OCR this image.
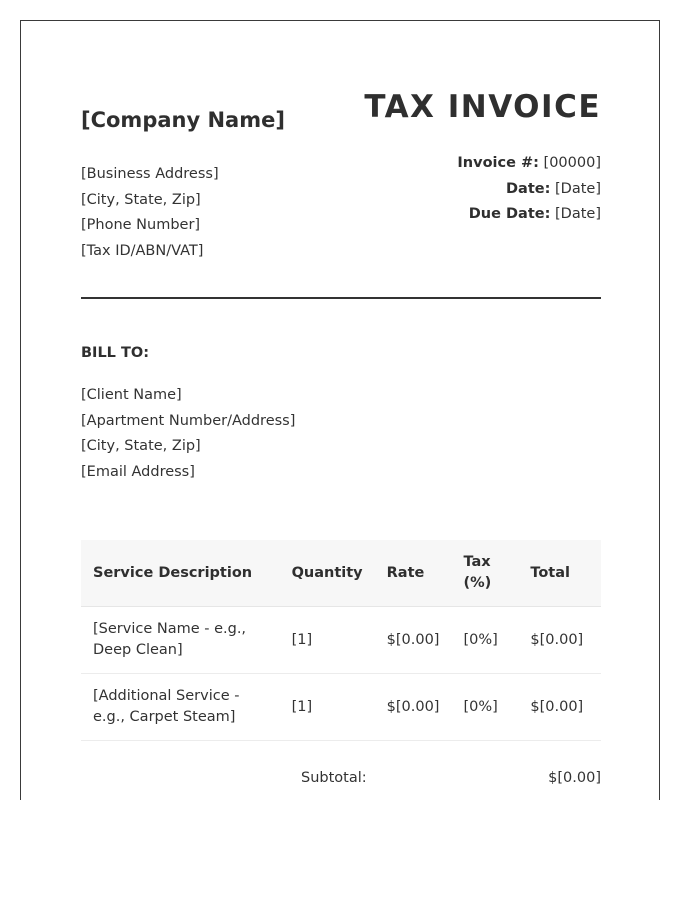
[Company Name]	TAX INVOICE
[Business Address]
[City, State, Zip]
[Phone Number]
[Tax ID/ABN/VAT]
Invoice #: [00000]
Date: [Date]
Due Date: [Date]
BILL TO:
[Client Name]
[Apartment Number/Address]
[City, State, Zip]
[Email Address]
Service Description	Quantity	Rate	Tax (%)	Total
[Service Name - e.g., Deep Clean]	[1]	$[0.00]	[0%]	$[0.00]
[Additional Service - e.g., Carpet Steam]	[1]	$[0.00]	[0%]	$[0.00]
Subtotal:	$[0.00]
